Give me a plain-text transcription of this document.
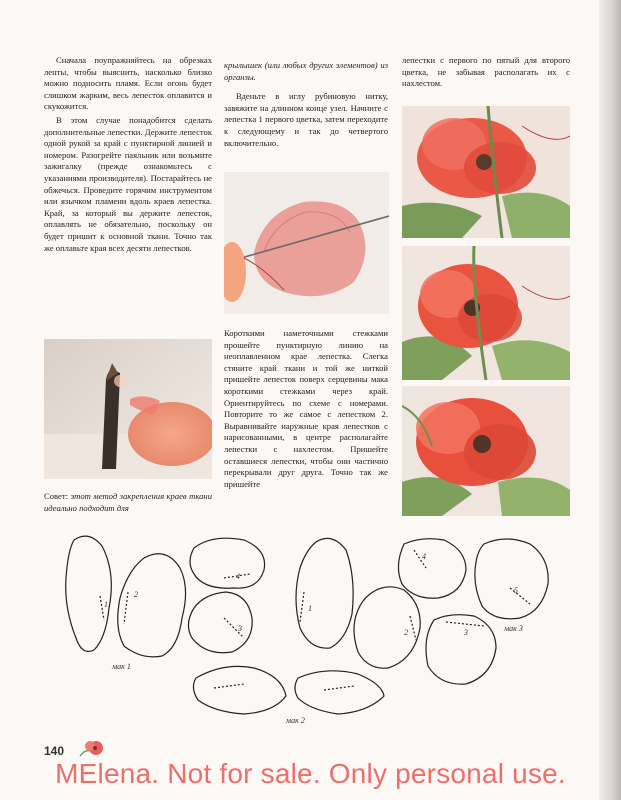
Сначала поупражняйтесь на обрезках ленты, чтобы выяснить, насколько близко можно подносить пламя. Если огонь будет слишком жарким, весь лепесток оплавится и скукожится.

В этом случае понадобится сделать дополнительные лепестки. Держите лепесток одной рукой за край с пунктирной линией и номером. Разогрейте паяльник или возьмите зажигалку (прежде ознакомьтесь с указаниями производителя). Постарайтесь не обжечься. Проведите горячим инструментом или язычком пламени вдоль краев лепестка. Край, за который вы держите лепесток, оплавлять не обязательно, поскольку он будет пришит к основной ткани. Точно так же оплавьте края всех десяти лепестков.

Совет: этот метод закрепления краев ткани идеально подходит для

крылышек (или любых других элементов) из органзы.

Вденьте в иглу рубиновую нитку, завяжите на длинном конце узел. Начните с лепестка 1 первого цветка, затем переходите к следующему и так до четвертого включительно.

Короткими наметочными стежками прошейте пунктирную линию на неоплавленном крае лепестка. Слегка стяните край ткани и той же ниткой пришейте лепесток поверх серцевины мака короткими стежками через край. Ориентируйтесь по схеме с номерами. Повторите то же самое с лепестком 2. Выравнивайте наружные края лепестков с нарисованными, в центре располагайте лепестки с нахлестом. Пришейте оставшиеся лепестки, чтобы они частично перекрывали друг друга. Точно так же пришейте

лепестки с первого по пятый для второго цветка, не забывая располагать их с нахлестом.

1
2
3
4
1
2	3
4
5
мак 1
мак 2
мак 3
140
MElena. Not for sale. Only personal use.
